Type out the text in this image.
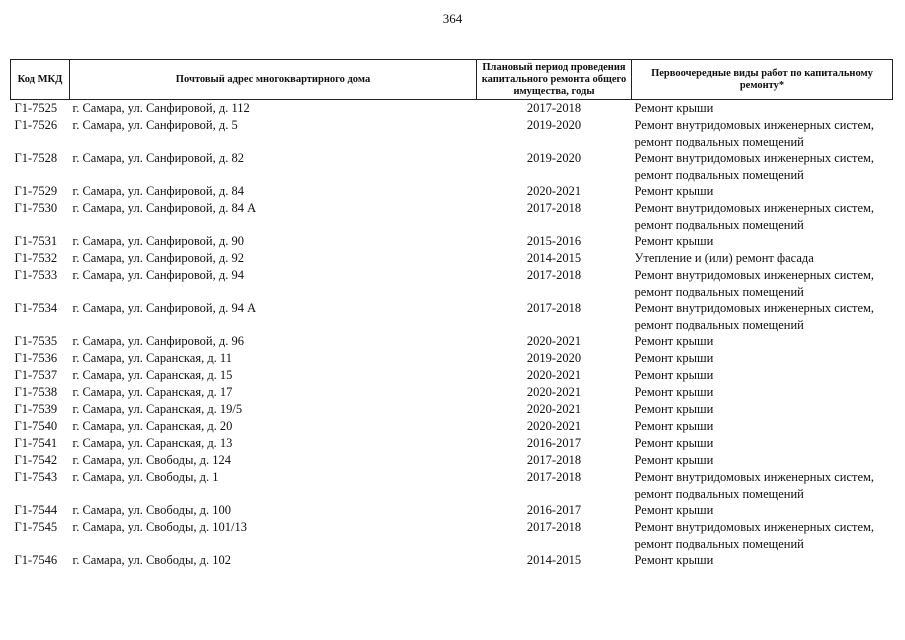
364
Код МКД	Почтовый адрес многоквартирного дома	Плановый период проведения капитального ремонта общего имущества, годы	Первоочередные виды работ по капитальному ремонту*
Г1-7525	г. Самара, ул. Санфировой, д. 112	2017-2018	Ремонт крыши
Г1-7526	г. Самара, ул. Санфировой, д. 5	2019-2020	Ремонт внутридомовых инженерных систем, ремонт подвальных помещений
Г1-7528	г. Самара, ул. Санфировой, д. 82	2019-2020	Ремонт внутридомовых инженерных систем, ремонт подвальных помещений
Г1-7529	г. Самара, ул. Санфировой, д. 84	2020-2021	Ремонт крыши
Г1-7530	г. Самара, ул. Санфировой, д. 84 А	2017-2018	Ремонт внутридомовых инженерных систем, ремонт подвальных помещений
Г1-7531	г. Самара, ул. Санфировой, д. 90	2015-2016	Ремонт крыши
Г1-7532	г. Самара, ул. Санфировой, д. 92	2014-2015	Утепление и (или) ремонт фасада
Г1-7533	г. Самара, ул. Санфировой, д. 94	2017-2018	Ремонт внутридомовых инженерных систем, ремонт подвальных помещений
Г1-7534	г. Самара, ул. Санфировой, д. 94 А	2017-2018	Ремонт внутридомовых инженерных систем, ремонт подвальных помещений
Г1-7535	г. Самара, ул. Санфировой, д. 96	2020-2021	Ремонт крыши
Г1-7536	г. Самара, ул. Саранская, д. 11	2019-2020	Ремонт крыши
Г1-7537	г. Самара, ул. Саранская, д. 15	2020-2021	Ремонт крыши
Г1-7538	г. Самара, ул. Саранская, д. 17	2020-2021	Ремонт крыши
Г1-7539	г. Самара, ул. Саранская, д. 19/5	2020-2021	Ремонт крыши
Г1-7540	г. Самара, ул. Саранская, д. 20	2020-2021	Ремонт крыши
Г1-7541	г. Самара, ул. Саранская, д. 13	2016-2017	Ремонт крыши
Г1-7542	г. Самара, ул. Свободы, д. 124	2017-2018	Ремонт крыши
Г1-7543	г. Самара, ул. Свободы, д. 1	2017-2018	Ремонт внутридомовых инженерных систем, ремонт подвальных помещений
Г1-7544	г. Самара, ул. Свободы, д. 100	2016-2017	Ремонт крыши
Г1-7545	г. Самара, ул. Свободы, д. 101/13	2017-2018	Ремонт внутридомовых инженерных систем, ремонт подвальных помещений
Г1-7546	г. Самара, ул. Свободы, д. 102	2014-2015	Ремонт крыши
